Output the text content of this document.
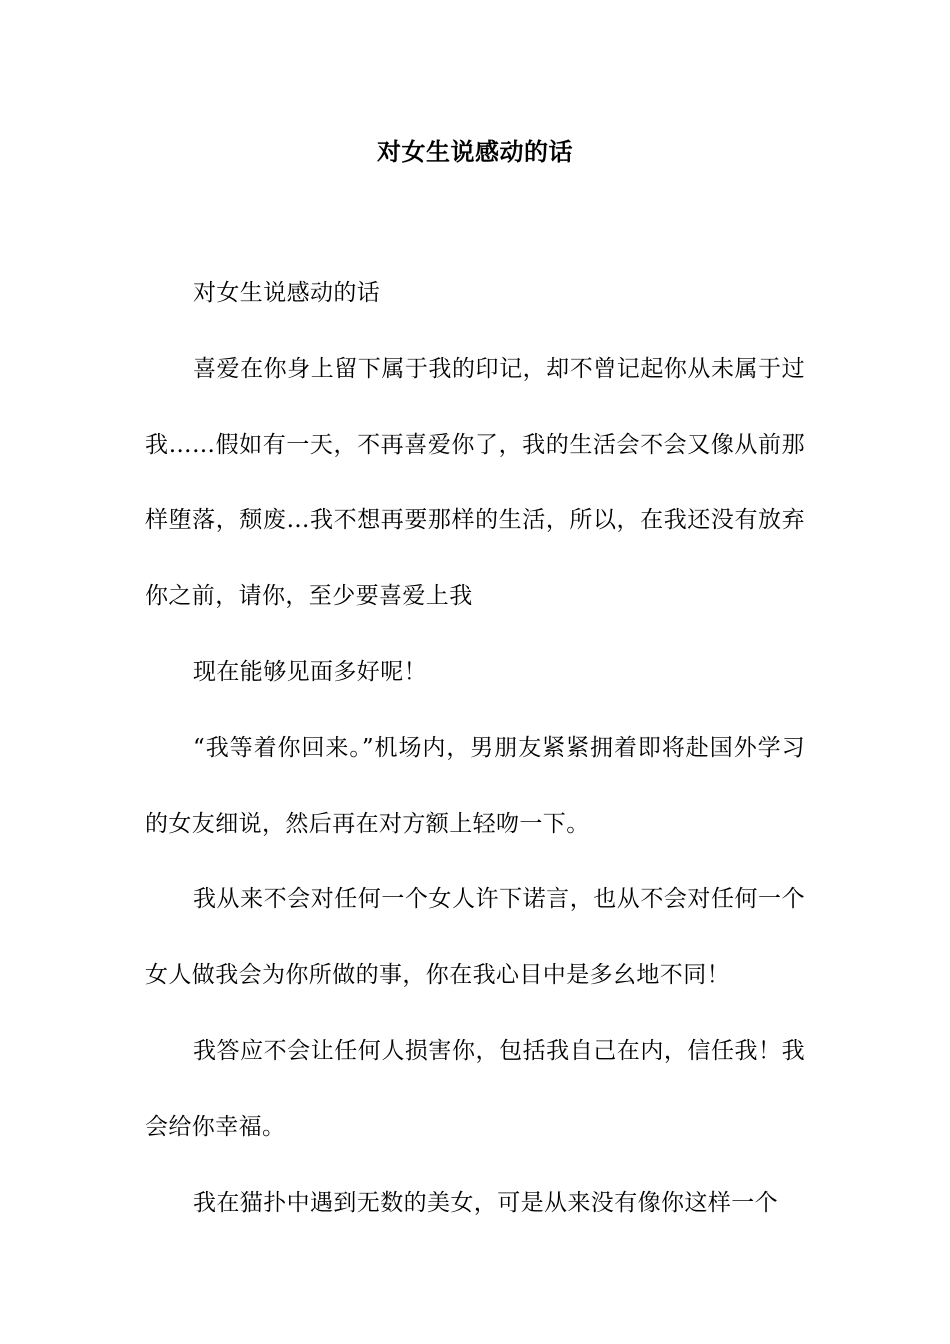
对女生说感动的话

对女生说感动的话

喜爱在你身上留下属于我的印记，却不曾记起你从未属于过我……假如有一天，不再喜爱你了，我的生活会不会又像从前那样堕落，颓废…我不想再要那样的生活，所以，在我还没有放弃你之前，请你，至少要喜爱上我

现在能够见面多好呢！

“我等着你回来。”机场内，男朋友紧紧拥着即将赴国外学习的女友细说，然后再在对方额上轻吻一下。

我从来不会对任何一个女人许下诺言，也从不会对任何一个女人做我会为你所做的事，你在我心目中是多幺地不同！

我答应不会让任何人损害你，包括我自己在内，信任我！我会给你幸福。

我在猫扑中遇到无数的美女，可是从来没有像你这样一个
